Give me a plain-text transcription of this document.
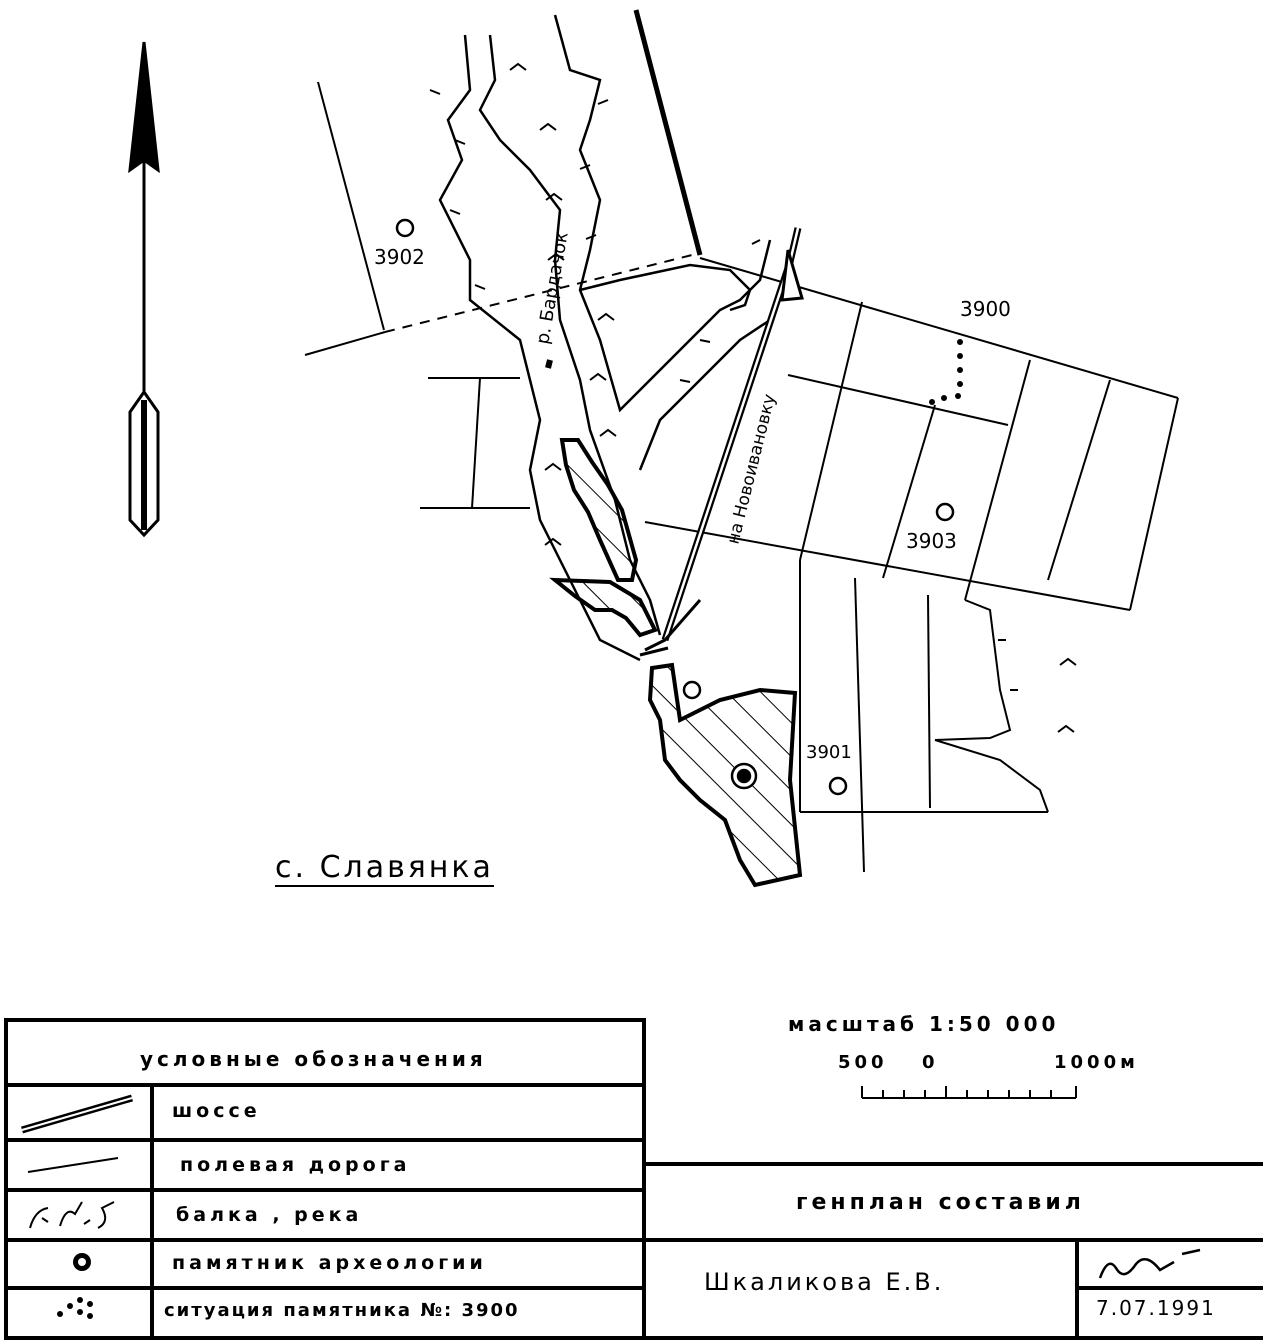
3902
3900
3903
3901
р. Бардачок
на Новоивановку
с. Славянка
масштаб 1:50 000
500 0	1000м
условные обозначения
шоссе
полевая дорога
балка , река
памятник археологии
ситуация памятника №: 3900
генплан составил
Шкаликова Е.В.
7.07.1991
